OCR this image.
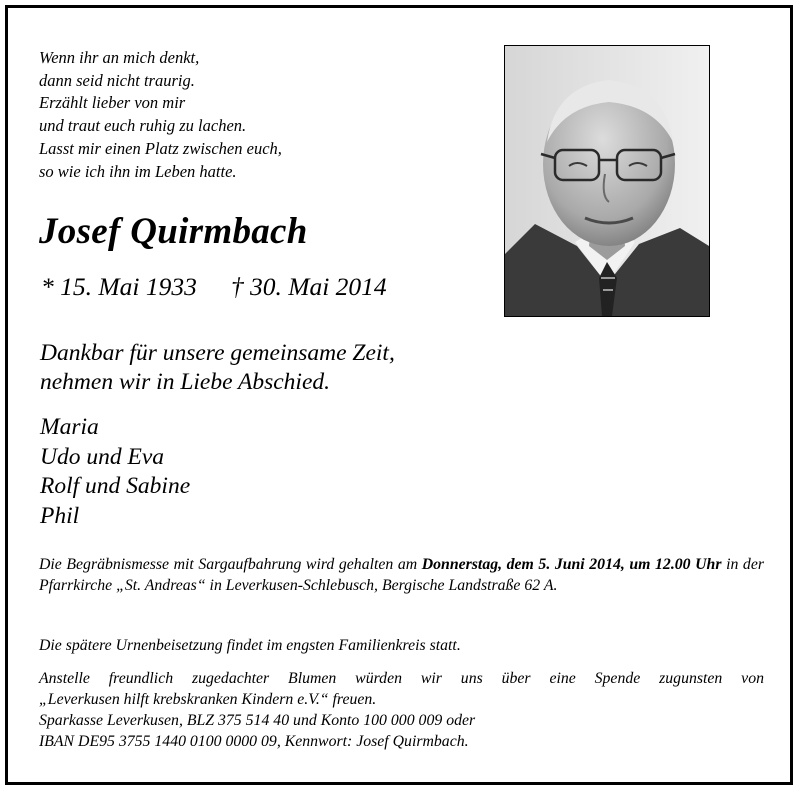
Wenn ihr an mich denkt,
dann seid nicht traurig.
Erzählt lieber von mir
und traut euch ruhig zu lachen.
Lasst mir einen Platz zwischen euch,
so wie ich ihn im Leben hatte.
Josef Quirmbach
* 15. Mai 1933 † 30. Mai 2014
Dankbar für unsere gemeinsame Zeit,
nehmen wir in Liebe Abschied.
Maria
Udo und Eva
Rolf und Sabine
Phil

Die Begräbnismesse mit Sargaufbahrung wird gehalten am Donnerstag, dem 5. Juni 2014, um 12.00 Uhr in der Pfarrkirche „St. Andreas“ in Leverkusen-Schlebusch, Bergische Landstraße 62 A.

Die spätere Urnenbeisetzung findet im engsten Familienkreis statt.
Anstelle freundlich zugedachter Blumen würden wir uns über eine Spende zugunsten von
„Leverkusen hilft krebskranken Kindern e.V.“ freuen.
Sparkasse Leverkusen, BLZ 375 514 40 und Konto 100 000 009 oder
IBAN DE95 3755 1440 0100 0000 09, Kennwort: Josef Quirmbach.
